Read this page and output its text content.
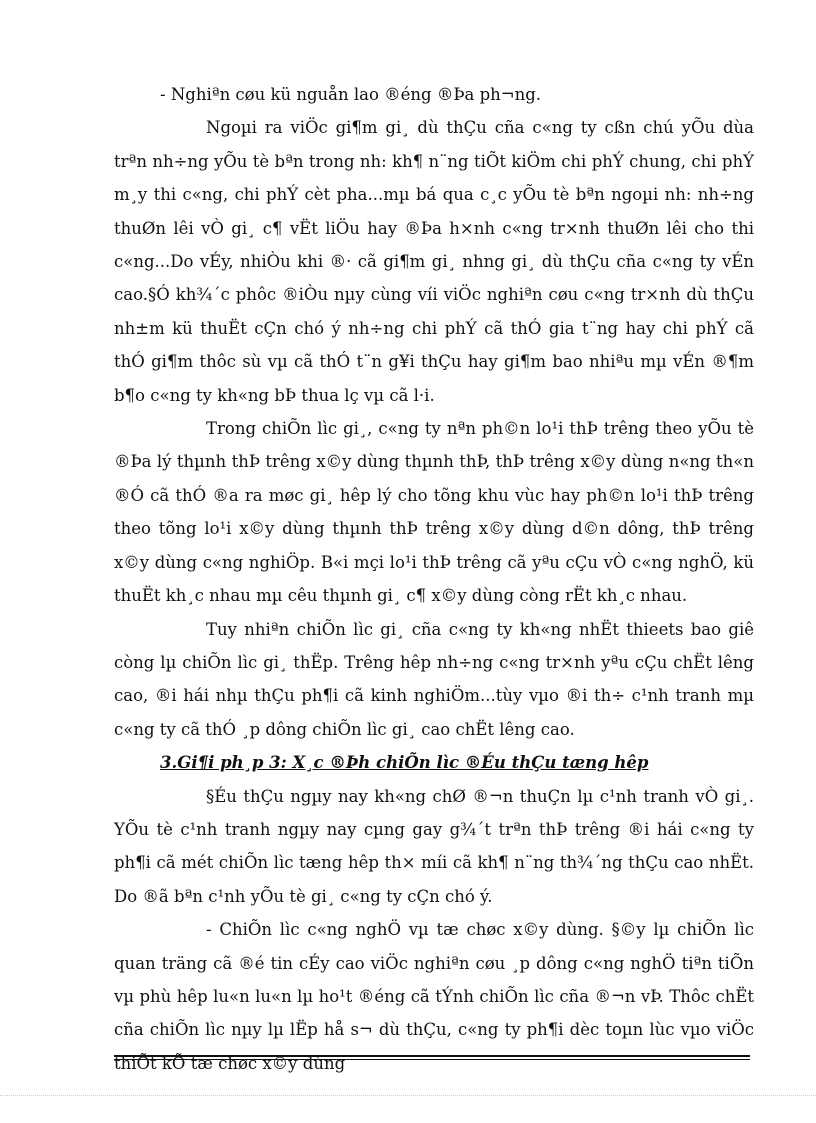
- Nghiªn cøu kü nguån lao ®éng ®Þa ph¬ng.

Ngoµi ra viÖc gi¶m gi¸ dù thÇu cña c«ng ty cßn chú yÕu dùa trªn nh÷ng yÕu tè bªn trong nh: kh¶ n¨ng tiÕt kiÖm chi phÝ chung, chi phÝ m¸y thi c«ng, chi phÝ cèt pha...mµ bá qua c¸c yÕu tè bªn ngoµi nh: nh÷ng thuØn lêi vÒ gi¸ c¶ vËt liÖu hay ®Þa h×nh c«ng tr×nh thuØn lêi cho thi c«ng...Do vÉy, nhiÒu khi ®· cã gi¶m gi¸ nhng gi¸ dù thÇu cña c«ng ty vÉn cao.§Ó kh¾´c phôc ®iÒu nµy cùng víi viÖc nghiªn cøu c«ng tr×nh dù thÇu nh±m kü thuËt cÇn chó ý nh÷ng chi phÝ cã thÓ gia t¨ng hay chi phÝ cã thÓ gi¶m thôc sù vµ cã thÓ t¨n g¥i thÇu hay gi¶m bao nhiªu mµ vÉn ®¶m b¶o c«ng ty kh«ng bÞ thua lç vµ cã l·i.

Trong chiÕn lìc gi¸, c«ng ty nªn ph©n lo¹i thÞ trêng theo yÕu tè ®Þa lý thµnh thÞ trêng x©y dùng thµnh thÞ, thÞ trêng x©y dùng n«ng th«n ®Ó cã thÓ ®a ra møc gi¸ hêp lý cho tõng khu vùc hay ph©n lo¹i thÞ trêng theo tõng lo¹i x©y dùng thµnh thÞ trêng x©y dùng d©n dông, thÞ trêng x©y dùng c«ng nghiÖp. B«i mçi lo¹i thÞ trêng cã yªu cÇu vÒ c«ng nghÖ, kü thuËt kh¸c nhau mµ cêu thµnh gi¸ c¶ x©y dùng còng rËt kh¸c nhau.

Tuy nhiªn chiÕn lìc gi¸ cña c«ng ty kh«ng nhËt thieets bao giê còng lµ chiÕn lìc gi¸ thËp. Trêng hêp nh÷ng c«ng tr×nh yªu cÇu chËt lêng cao, ®i hái nhµ thÇu ph¶i cã kinh nghiÖm...tùy vµo ®i th÷ c¹nh tranh mµ c«ng ty cã thÓ ¸p dông chiÕn lìc gi¸ cao chËt lêng cao.

3.Gi¶i ph¸p 3: X¸c ®Þh chiÕn lìc ®Éu thÇu tæng hêp

§Éu thÇu ngµy nay kh«ng chØ ®¬n thuÇn lµ c¹nh tranh vÒ gi¸. YÕu tè c¹nh tranh ngµy nay cµng gay g¾´t trªn thÞ trêng ®i hái c«ng ty ph¶i cã mét chiÕn lìc tæng hêp th× míi cã kh¶ n¨ng th¾´ng thÇu cao nhËt. Do ®ã bªn c¹nh yÕu tè gi¸ c«ng ty cÇn chó ý.

- ChiÕn lìc c«ng nghÖ vµ tæ chøc x©y dùng. §©y lµ chiÕn lìc quan träng cã ®é tin cÉy cao viÖc nghiªn cøu ¸p dông c«ng nghÖ tiªn tiÕn vµ phù hêp lu«n lu«n lµ ho¹t ®éng cã tÝnh chiÕn lìc cña ®¬n vÞ. Thôc chËt cña chiÕn lìc nµy lµ lËp hå s¬ dù thÇu, c«ng ty ph¶i dèc toµn lùc vµo viÖc thiÕt kÕ tæ chøc x©y dùng
